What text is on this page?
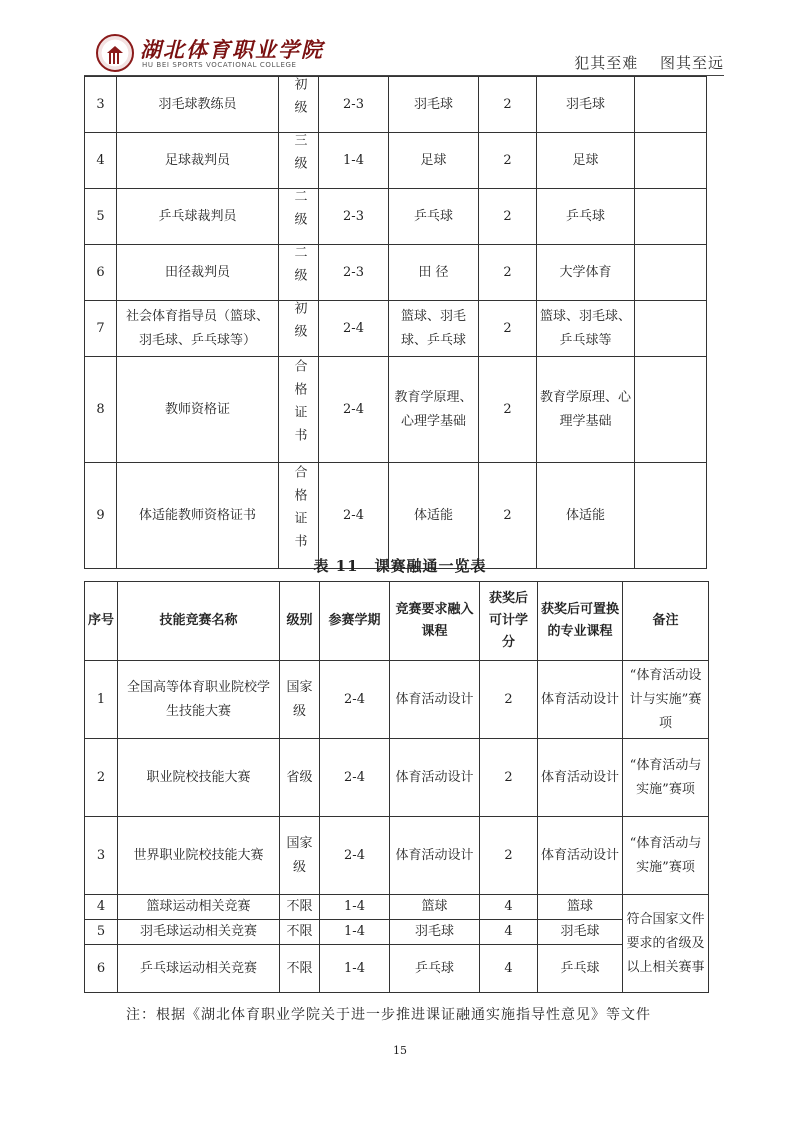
湖北体育职业学院
HU BEI SPORTS VOCATIONAL COLLEGE	犯其至难　 图其至远
3	羽毛球教练员	初级	2-3	羽毛球	2	羽毛球	
4	足球裁判员	三级	1-4	足球	2	足球	
5	乒乓球裁判员	二级	2-3	乒乓球	2	乒乓球	
6	田径裁判员	二级	2-3	田 径	2	大学体育	
7	社会体育指导员（篮球、羽毛球、乒乓球等）	初级	2-4	篮球、羽毛球、乒乓球	2	篮球、羽毛球、乒乓球等	
8	教师资格证	合格证书	2-4	教育学原理、心理学基础	2	教育学原理、心理学基础	
9	体适能教师资格证书	合格证书	2-4	体适能	2	体适能	
表 11　课赛融通一览表
序号	技能竞赛名称	级别	参赛学期	竞赛要求融入课程	获奖后可计学分	获奖后可置换的专业课程	备注
1	全国高等体育职业院校学生技能大赛	国家级	2-4	体育活动设计	2	体育活动设计	“体育活动设计与实施”赛项
2	职业院校技能大赛	省级	2-4	体育活动设计	2	体育活动设计	“体育活动与实施”赛项
3	世界职业院校技能大赛	国家级	2-4	体育活动设计	2	体育活动设计	“体育活动与实施”赛项
4	篮球运动相关竞赛	不限	1-4	篮球	4	篮球	符合国家文件要求的省级及以上相关赛事
5	羽毛球运动相关竞赛	不限	1-4	羽毛球	4	羽毛球	
6	乒乓球运动相关竞赛	不限	1-4	乒乓球	4	乒乓球	
注：根据《湖北体育职业学院关于进一步推进课证融通实施指导性意见》等文件
15
